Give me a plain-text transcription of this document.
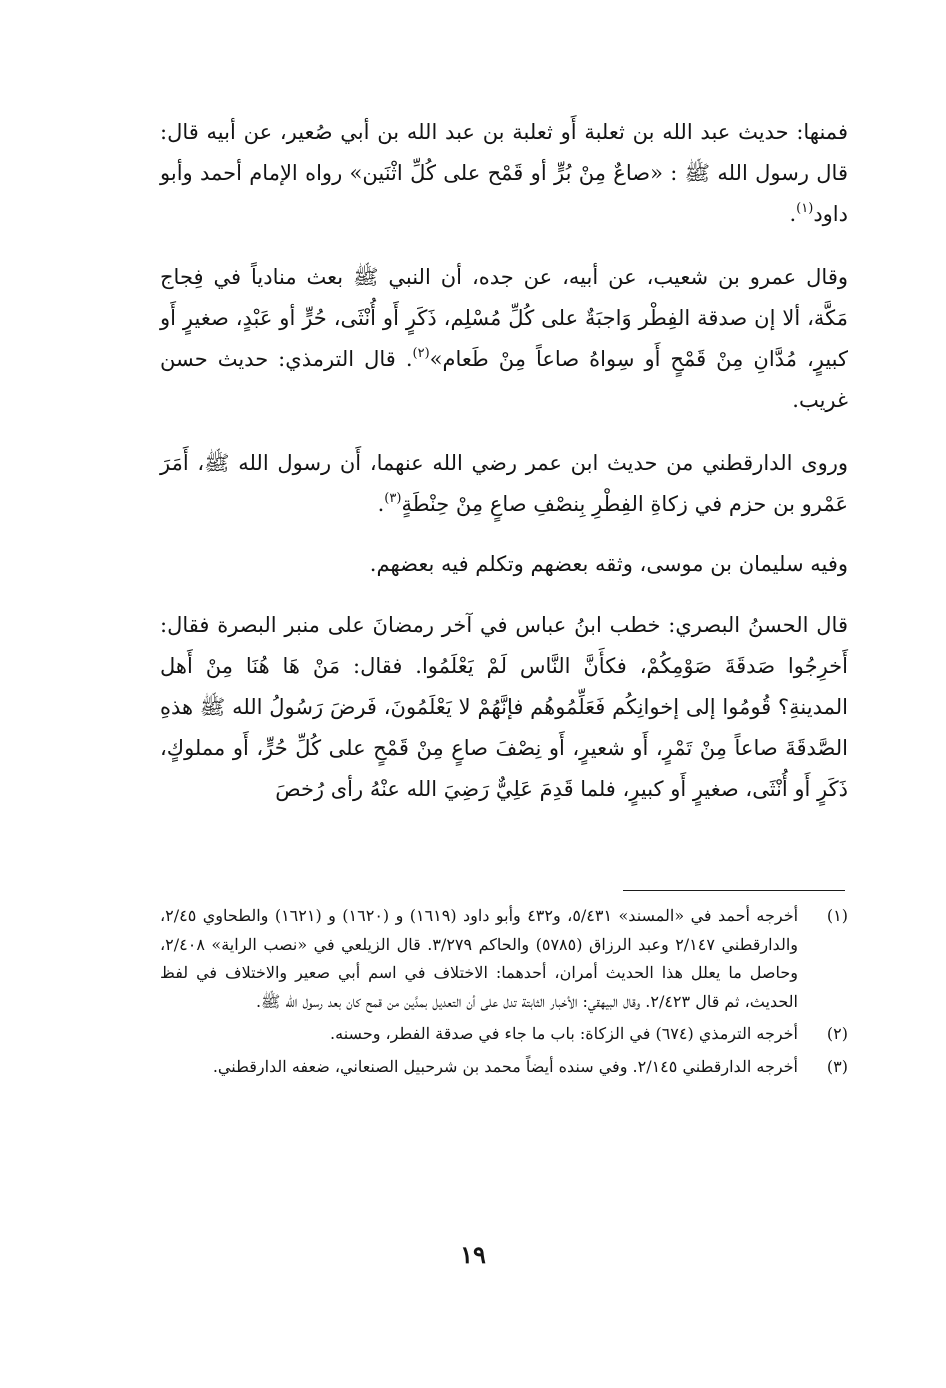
فمنها: حديث عبد الله بن ثعلبة أَو ثعلبة بن عبد الله بن أبي صُعير، عن أبيه قال: قال رسول الله ﷺ : «صاعٌ مِنْ بُرٍّ أو قَمْح على كُلِّ اثْنَين» رواه الإمام أحمد وأبو داود$^{(١)}$.

وقال عمرو بن شعيب، عن أبيه، عن جده، أن النبي ﷺ بعث منادياً في فِجاج مَكَّة، ألا إن صدقة الفِطْر وَاجبَةٌ على كُلِّ مُسْلِم، ذَكَرٍ أَو أُنْثَى، حُرٍّ أو عَبْدٍ، صغيرٍ أَو كبيرٍ، مُدَّانِ مِنْ قَمْحٍ أَو سِواهُ صاعاً مِنْ طَعام»$^{(٢)}$. قال الترمذي: حديث حسن غريب.

وروى الدارقطني من حديث ابن عمر رضي الله عنهما، أَن رسول الله ﷺ، أَمَرَ عَمْرو بن حزم في زكاةِ الفِطْرِ بِنصْفِ صاعٍ مِنْ حِنْطَةٍ$^{(٣)}$.

وفيه سليمان بن موسى، وثقه بعضهم وتكلم فيه بعضهم.

قال الحسنُ البصري: خطب ابنُ عباس في آخر رمضانَ على منبر البصرة فقال: أَخرِجُوا صَدقَةَ صَوْمِكُمْ، فكأَنَّ النَّاس لَمْ يَعْلَمُوا. فقال: مَنْ هَا هُنَا مِنْ أَهل المدينةِ؟ قُومُوا إلى إخوانِكُم فَعَلِّمُوهُم فإنَّهُمْ لا يَعْلَمُونَ، فَرضَ رَسُولُ الله ﷺ هذهِ الصَّدقَةَ صاعاً مِنْ تَمْرٍ، أَو شعيرٍ، أَو نِصْفَ صاعٍ مِنْ قَمْحٍ على كُلِّ حُرٍّ، أَو مملوكٍ، ذَكَرٍ أَو أُنْثَى، صغيرٍ أَو كبيرٍ، فلما قَدِمَ عَلِيٌّ رَضِيَ الله عنْهُ رأى رُخصَ

(١)
أخرجه أحمد في «المسند» ٥/٤٣١، و٤٣٢ وأبو داود (١٦١٩) و (١٦٢٠) و (١٦٢١) والطحاوي ٢/٤٥، والدارقطني ٢/١٤٧ وعبد الرزاق (٥٧٨٥) والحاكم ٣/٢٧٩. قال الزيلعي في «نصب الراية» ٢/٤٠٨، وحاصل ما يعلل هذا الحديث أمران، أحدهما: الاختلاف في اسم أبي صعير والاختلاف في لفظ الحديث، ثم قال ٢/٤٢٣. وقال البيهقي: الأخبار الثابتة تدل على أن التعديل بمدَّين من قمح كان بعد رسول الله ﷺ.
(٢)
أخرجه الترمذي (٦٧٤) في الزكاة: باب ما جاء في صدقة الفطر، وحسنه.
(٣)
أخرجه الدارقطني ٢/١٤٥. وفي سنده أيضاً محمد بن شرحبيل الصنعاني، ضعفه الدارقطني.
١٩
